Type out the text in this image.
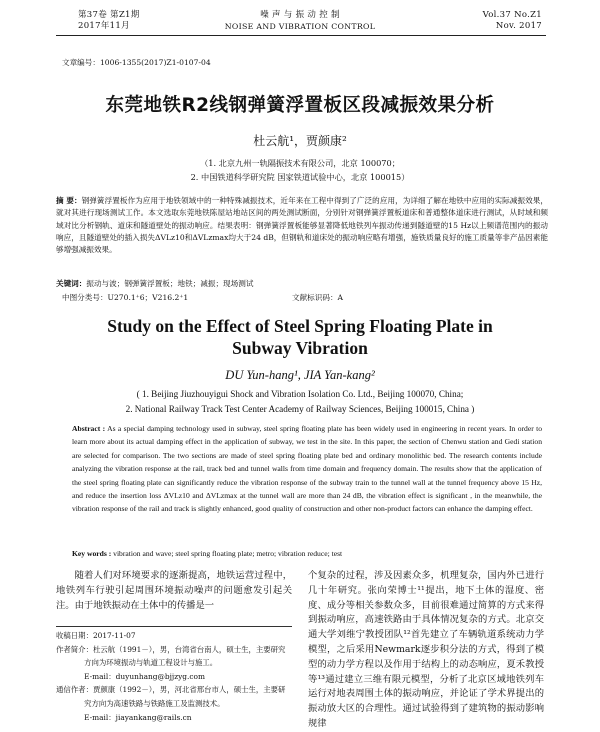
第37卷 第Z1期
2017年11月
噪 声 与 振 动 控 制
NOISE AND VIBRATION CONTROL
Vol.37 No.Z1
Nov. 2017
文章编号：1006-1355(2017)Z1-0107-04
东莞地铁R2线钢弹簧浮置板区段减振效果分析
杜云航¹，贾颜康²
（1. 北京九州一轨隔振技术有限公司，北京 100070；
2. 中国铁道科学研究院 国家铁道试验中心，北京 100015）
摘 要：钢弹簧浮置板作为应用于地铁领域中的一种特殊减振技术，近年来在工程中得到了广泛的应用，为详细了解在地铁中应用的实际减振效果，就对其进行现场测试工作。本文选取东莞地铁陈屋站地站区间的两处测试断面，分别针对钢弹簧浮置板道床和普通整体道床进行测试，从时域和频域对比分析钢轨、道床和隧道壁处的振动响应。结果表明：钢弹簧浮置板能够显著降低地铁列车振动传递到隧道壁的15 Hz以上频谱范围内的振动响应，且隧道壁处的插入损失ΔVLz10和ΔVLzmax均大于24 dB，但钢轨和道床处的振动响应略有增强，施铁质量良好的施工质量等非产品因素能够增强减振效果。
关键词：振动与波；钢弹簧浮置板；地铁；减振；现场测试
中图分类号：U270.1⁺6；V216.2⁺1	文献标识码：A
Study on the Effect of Steel Spring Floating Plate in
Subway Vibration
DU Yun-hang¹, JIA Yan-kang²
( 1. Beijing Jiuzhouyigui Shock and Vibration Isolation Co. Ltd., Beijing 100070, China;
2. National Railway Track Test Center Academy of Railway Sciences, Beijing 100015, China )
Abstract : As a special damping technology used in subway, steel spring floating plate has been widely used in engineering in recent years. In order to learn more about its actual damping effect in the application of subway, we test in the site. In this paper, the section of Chenwu station and Gedi station are selected for comparison. The two sections are made of steel spring floating plate bed and ordinary monolithic bed. The research contents include analyzing the vibration response at the rail, track bed and tunnel walls from time domain and frequency domain. The results show that the application of the steel spring floating plate can significantly reduce the vibration response of the subway train to the tunnel wall at the tunnel frequency above 15 Hz, and reduce the insertion loss ΔVLz10 and ΔVLzmax at the tunnel wall are more than 24 dB, the vibration effect is significant , in the meanwhile, the vibration response of the rail and track is slightly enhanced, good quality of construction and other non-product factors can enhance the damping effect.
Key words : vibration and wave; steel spring floating plate; metro; vibration reduce; test
随着人们对环境要求的逐渐提高，地铁运营过程中，地铁列车行驶引起周围环境振动噪声的问题愈发引起关注。由于地铁振动在土体中的传播是一
收稿日期：2017-11-07
作者简介：杜云航（1991－），男，台湾省台南人，硕士生，主要研究方向为环境振动与轨道工程设计与施工。
E-mail：duyunhang@bjjzyg.com
通信作者：贾颜康（1992－），男，河北省邢台市人，硕士生，主要研究方向为高速铁路与铁路施工及监测技术。
E-mail：jiayankang@rails.cn
个复杂的过程，涉及因素众多，机理复杂，国内外已进行几十年研究。张向荣博士¹¹提出，地下土体的湿度、密度、成分等相关参数众多，目前很难通过简算的方式来得到振动响应，高速铁路由于具体情况复杂的方式。北京交通大学刘维宁教授团队¹²首先建立了车辆轨道系统动力学模型，之后采用Newmark逐步积分法的方式，得到了模型的动力学方程以及作用于结构上的动态响应，夏禾教授等¹³通过建立三维有限元模型，分析了北京区域地铁列车运行对地表周围土体的振动响应，并论证了学术界提出的振动放大区的合理性。通过试验得到了建筑物的振动影响规律
